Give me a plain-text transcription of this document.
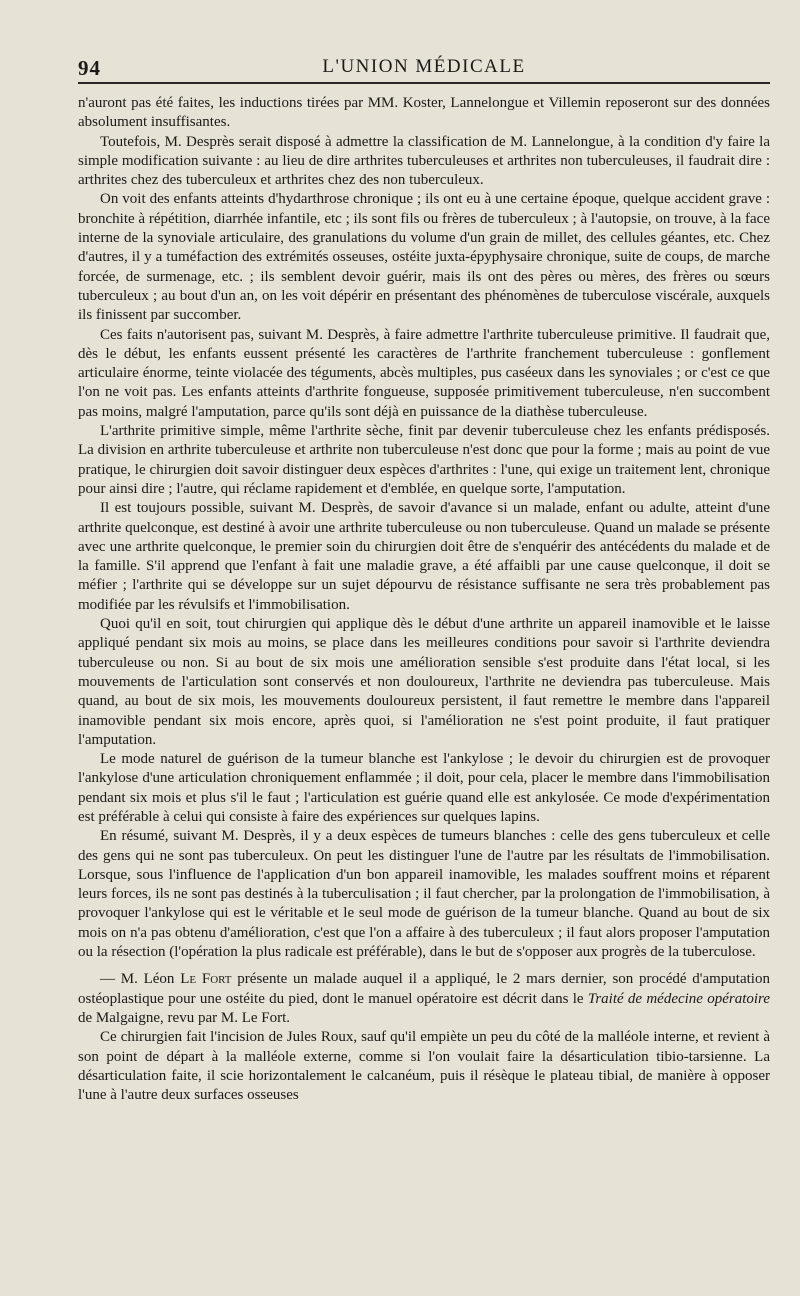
94	L'UNION MÉDICALE

n'auront pas été faites, les inductions tirées par MM. Koster, Lannelongue et Villemin reposeront sur des données absolument insuffisantes.

Toutefois, M. Desprès serait disposé à admettre la classification de M. Lannelongue, à la condition d'y faire la simple modification suivante : au lieu de dire arthrites tuberculeuses et arthrites non tuberculeuses, il faudrait dire : arthrites chez des tuberculeux et arthrites chez des non tuberculeux.

On voit des enfants atteints d'hydarthrose chronique ; ils ont eu à une certaine époque, quelque accident grave : bronchite à répétition, diarrhée infantile, etc ; ils sont fils ou frères de tuberculeux ; à l'autopsie, on trouve, à la face interne de la synoviale articulaire, des granulations du volume d'un grain de millet, des cellules géantes, etc. Chez d'autres, il y a tuméfaction des extrémités osseuses, ostéite juxta-épyphysaire chronique, suite de coups, de marche forcée, de surmenage, etc. ; ils semblent devoir guérir, mais ils ont des pères ou mères, des frères ou sœurs tuberculeux ; au bout d'un an, on les voit dépérir en présentant des phénomènes de tuberculose viscérale, auxquels ils finissent par succomber.

Ces faits n'autorisent pas, suivant M. Desprès, à faire admettre l'arthrite tuberculeuse primitive. Il faudrait que, dès le début, les enfants eussent présenté les caractères de l'arthrite franchement tuberculeuse : gonflement articulaire énorme, teinte violacée des téguments, abcès multiples, pus caséeux dans les synoviales ; or c'est ce que l'on ne voit pas. Les enfants atteints d'arthrite fongueuse, supposée primitivement tuberculeuse, n'en succombent pas moins, malgré l'amputation, parce qu'ils sont déjà en puissance de la diathèse tuberculeuse.

L'arthrite primitive simple, même l'arthrite sèche, finit par devenir tuberculeuse chez les enfants prédisposés. La division en arthrite tuberculeuse et arthrite non tuberculeuse n'est donc que pour la forme ; mais au point de vue pratique, le chirurgien doit savoir distinguer deux espèces d'arthrites : l'une, qui exige un traitement lent, chronique pour ainsi dire ; l'autre, qui réclame rapidement et d'emblée, en quelque sorte, l'amputation.

Il est toujours possible, suivant M. Desprès, de savoir d'avance si un malade, enfant ou adulte, atteint d'une arthrite quelconque, est destiné à avoir une arthrite tuberculeuse ou non tuberculeuse. Quand un malade se présente avec une arthrite quelconque, le premier soin du chirurgien doit être de s'enquérir des antécédents du malade et de la famille. S'il apprend que l'enfant à fait une maladie grave, a été affaibli par une cause quelconque, il doit se méfier ; l'arthrite qui se développe sur un sujet dépourvu de résistance suffisante ne sera très probablement pas modifiée par les révulsifs et l'immobilisation.

Quoi qu'il en soit, tout chirurgien qui applique dès le début d'une arthrite un appareil inamovible et le laisse appliqué pendant six mois au moins, se place dans les meilleures conditions pour savoir si l'arthrite deviendra tuberculeuse ou non. Si au bout de six mois une amélioration sensible s'est produite dans l'état local, si les mouvements de l'articulation sont conservés et non douloureux, l'arthrite ne deviendra pas tuberculeuse. Mais quand, au bout de six mois, les mouvements douloureux persistent, il faut remettre le membre dans l'appareil inamovible pendant six mois encore, après quoi, si l'amélioration ne s'est point produite, il faut pratiquer l'amputation.

Le mode naturel de guérison de la tumeur blanche est l'ankylose ; le devoir du chirurgien est de provoquer l'ankylose d'une articulation chroniquement enflammée ; il doit, pour cela, placer le membre dans l'immobilisation pendant six mois et plus s'il le faut ; l'articulation est guérie quand elle est ankylosée. Ce mode d'expérimentation est préférable à celui qui consiste à faire des expériences sur quelques lapins.

En résumé, suivant M. Desprès, il y a deux espèces de tumeurs blanches : celle des gens tuberculeux et celle des gens qui ne sont pas tuberculeux. On peut les distinguer l'une de l'autre par les résultats de l'immobilisation. Lorsque, sous l'influence de l'application d'un bon appareil inamovible, les malades souffrent moins et réparent leurs forces, ils ne sont pas destinés à la tuberculisation ; il faut chercher, par la prolongation de l'immobilisation, à provoquer l'ankylose qui est le véritable et le seul mode de guérison de la tumeur blanche. Quand au bout de six mois on n'a pas obtenu d'amélioration, c'est que l'on a affaire à des tuberculeux ; il faut alors proposer l'amputation ou la résection (l'opération la plus radicale est préférable), dans le but de s'opposer aux progrès de la tuberculose.

— M. Léon Le Fort présente un malade auquel il a appliqué, le 2 mars dernier, son procédé d'amputation ostéoplastique pour une ostéite du pied, dont le manuel opératoire est décrit dans le Traité de médecine opératoire de Malgaigne, revu par M. Le Fort.

Ce chirurgien fait l'incision de Jules Roux, sauf qu'il empiète un peu du côté de la malléole interne, et revient à son point de départ à la malléole externe, comme si l'on voulait faire la désarticulation tibio-tarsienne. La désarticulation faite, il scie horizontalement le calcanéum, puis il résèque le plateau tibial, de manière à opposer l'une à l'autre deux surfaces osseuses
